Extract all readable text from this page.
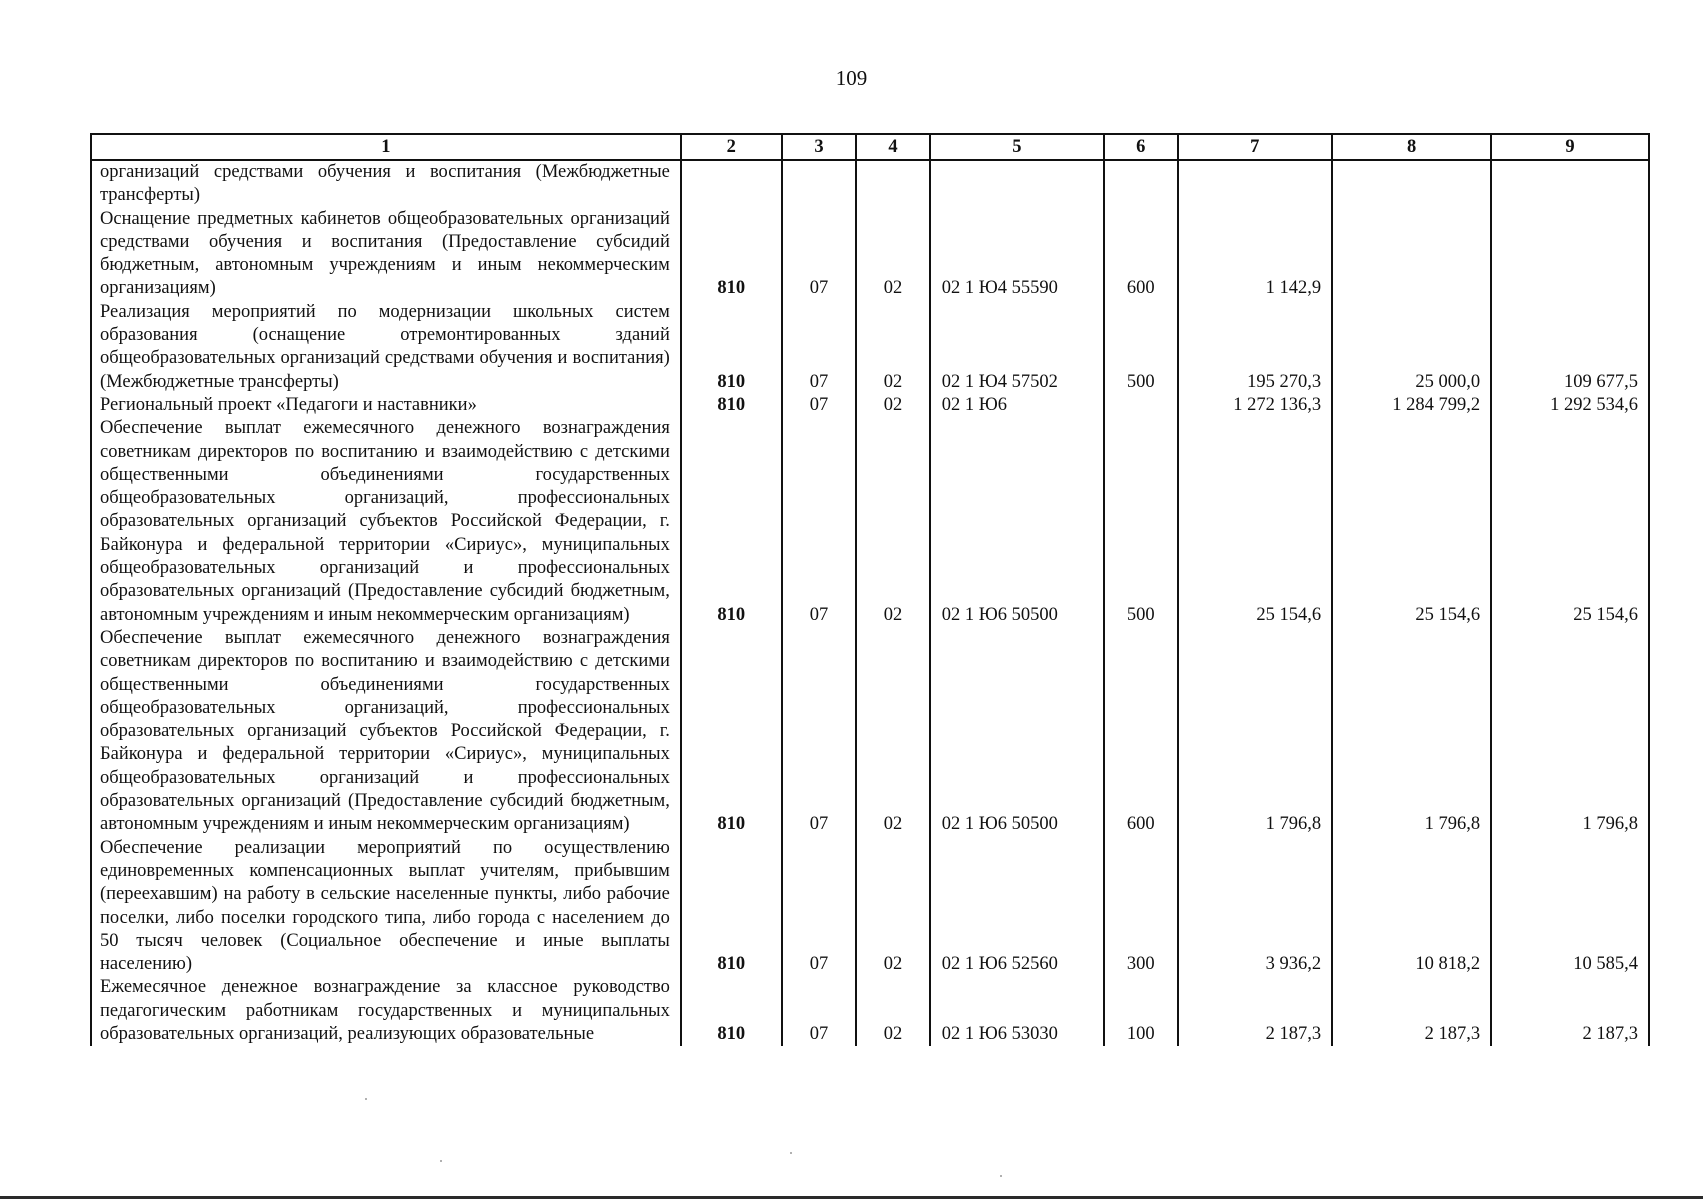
109
1	2	3	4	5	6	7	8	9
организаций средствами обучения и воспитания (Межбюджетные трансферты)								
Оснащение предметных кабинетов общеобразовательных организаций средствами обучения и воспитания (Предоставление субсидий бюджетным, автономным учреждениям и иным некоммерческим организациям)	810	07	02	02 1 Ю4 55590	600	1 142,9		
Реализация мероприятий по модернизации школьных систем образования (оснащение отремонтированных зданий общеобразовательных организаций средствами обучения и воспитания) (Межбюджетные трансферты)	810	07	02	02 1 Ю4 57502	500	195 270,3	25 000,0	109 677,5
Региональный проект «Педагоги и наставники»	810	07	02	02 1 Ю6		1 272 136,3	1 284 799,2	1 292 534,6
Обеспечение выплат ежемесячного денежного вознаграждения советникам директоров по воспитанию и взаимодействию с детскими общественными объединениями государственных общеобразовательных организаций, профессиональных образовательных организаций субъектов Российской Федерации, г. Байконура и федеральной территории «Сириус», муниципальных общеобразовательных организаций и профессиональных образовательных организаций (Предоставление субсидий бюджетным, автономным учреждениям и иным некоммерческим организациям)	810	07	02	02 1 Ю6 50500	500	25 154,6	25 154,6	25 154,6
Обеспечение выплат ежемесячного денежного вознаграждения советникам директоров по воспитанию и взаимодействию с детскими общественными объединениями государственных общеобразовательных организаций, профессиональных образовательных организаций субъектов Российской Федерации, г. Байконура и федеральной территории «Сириус», муниципальных общеобразовательных организаций и профессиональных образовательных организаций (Предоставление субсидий бюджетным, автономным учреждениям и иным некоммерческим организациям)	810	07	02	02 1 Ю6 50500	600	1 796,8	1 796,8	1 796,8
Обеспечение реализации мероприятий по осуществлению единовременных компенсационных выплат учителям, прибывшим (переехавшим) на работу в сельские населенные пункты, либо рабочие поселки, либо поселки городского типа, либо города с населением до 50 тысяч человек (Социальное обеспечение и иные выплаты населению)	810	07	02	02 1 Ю6 52560	300	3 936,2	10 818,2	10 585,4
Ежемесячное денежное вознаграждение за классное руководство педагогическим работникам государственных и муниципальных образовательных организаций, реализующих образовательные	810	07	02	02 1 Ю6 53030	100	2 187,3	2 187,3	2 187,3
